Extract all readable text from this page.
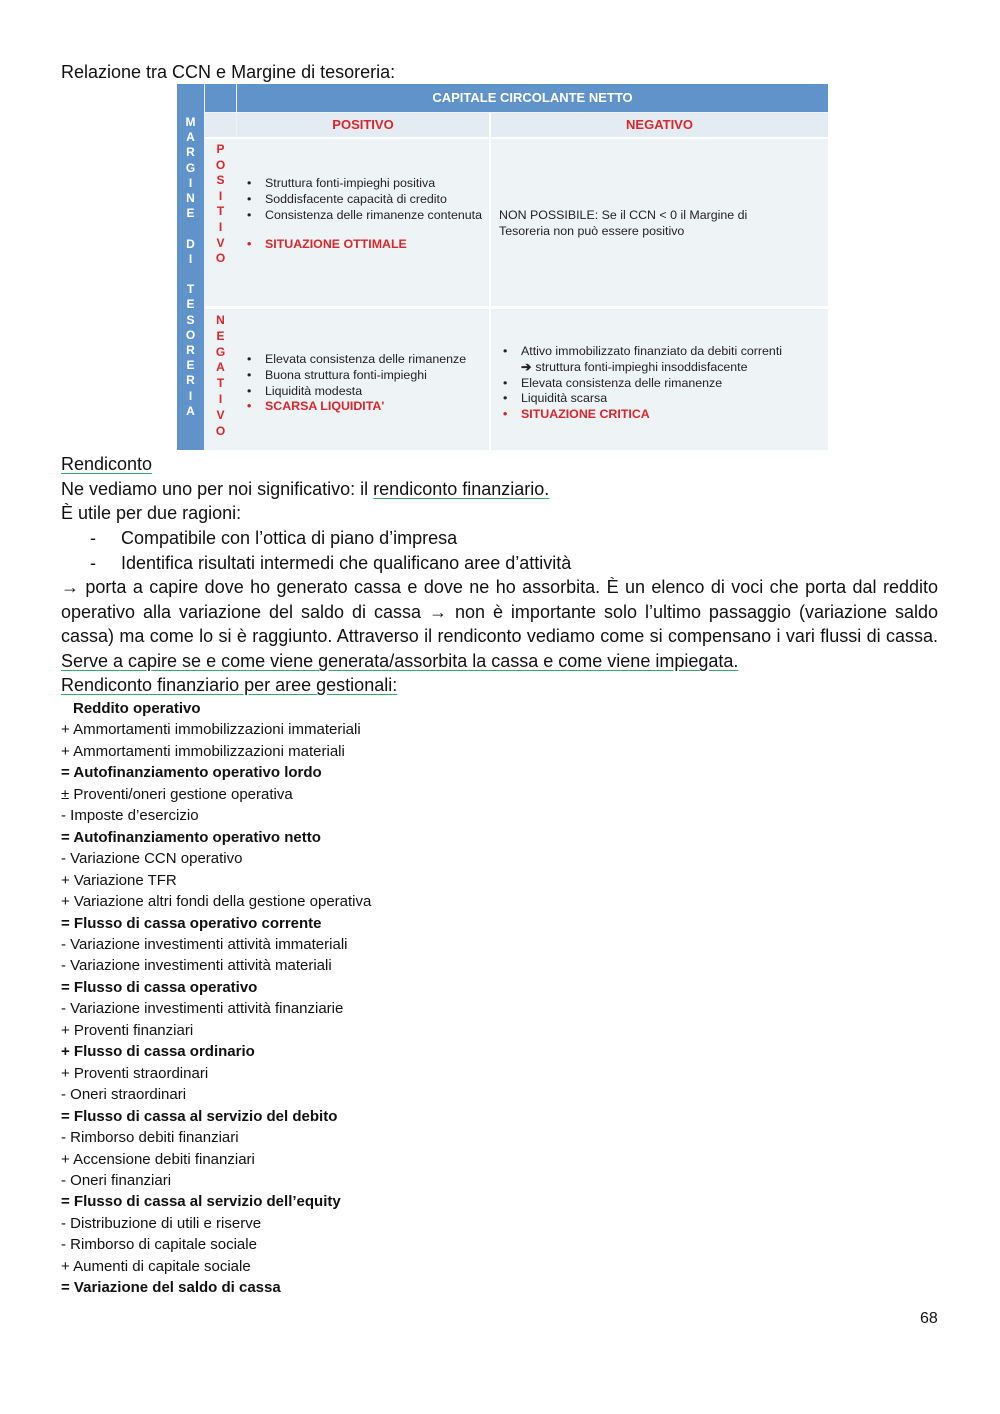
Relazione tra CCN e Margine di tesoreria:
M
A
R
G
I
N
E
D
I
T
E
S
O
R
E
R
I
A
CAPITALE CIRCOLANTE NETTO
POSITIVO	NEGATIVO
P
O
S
I
T
I
V
O
N
E
G
A
T
I
V
O
• Struttura fonti-impieghi positiva
• Soddisfacente capacità di credito
• Consistenza delle rimanenze contenuta
• SITUAZIONE OTTIMALE
NON POSSIBILE: Se il CCN < 0 il Margine di
Tesoreria non può essere positivo
• Elevata consistenza delle rimanenze
• Buona struttura fonti-impieghi
• Liquidità modesta
• SCARSA LIQUIDITA'
• Attivo immobilizzato finanziato da debiti correnti
➔ struttura fonti-impieghi insoddisfacente
• Elevata consistenza delle rimanenze
• Liquidità scarsa
• SITUAZIONE CRITICA
Rendiconto
Ne vediamo uno per noi significativo: il rendiconto finanziario.
È utile per due ragioni:
- Compatibile con l’ottica di piano d’impresa
- Identifica risultati intermedi che qualificano aree d’attività
→ porta a capire dove ho generato cassa e dove ne ho assorbita. È un elenco di voci che porta dal reddito operativo alla variazione del saldo di cassa → non è importante solo l’ultimo passaggio (variazione saldo cassa) ma come lo si è raggiunto. Attraverso il rendiconto vediamo come si compensano i vari flussi di cassa. Serve a capire se e come viene generata/assorbita la cassa e come viene impiegata.
Rendiconto finanziario per aree gestionali:
Reddito operativo
+ Ammortamenti immobilizzazioni immateriali
+ Ammortamenti immobilizzazioni materiali
= Autofinanziamento operativo lordo
± Proventi/oneri gestione operativa
- Imposte d’esercizio
= Autofinanziamento operativo netto
- Variazione CCN operativo
+ Variazione TFR
+ Variazione altri fondi della gestione operativa
= Flusso di cassa operativo corrente
- Variazione investimenti attività immateriali
- Variazione investimenti attività materiali
= Flusso di cassa operativo
- Variazione investimenti attività finanziarie
+ Proventi finanziari
+ Flusso di cassa ordinario
+ Proventi straordinari
- Oneri straordinari
= Flusso di cassa al servizio del debito
- Rimborso debiti finanziari
+ Accensione debiti finanziari
- Oneri finanziari
= Flusso di cassa al servizio dell’equity
- Distribuzione di utili e riserve
- Rimborso di capitale sociale
+ Aumenti di capitale sociale
= Variazione del saldo di cassa
68
